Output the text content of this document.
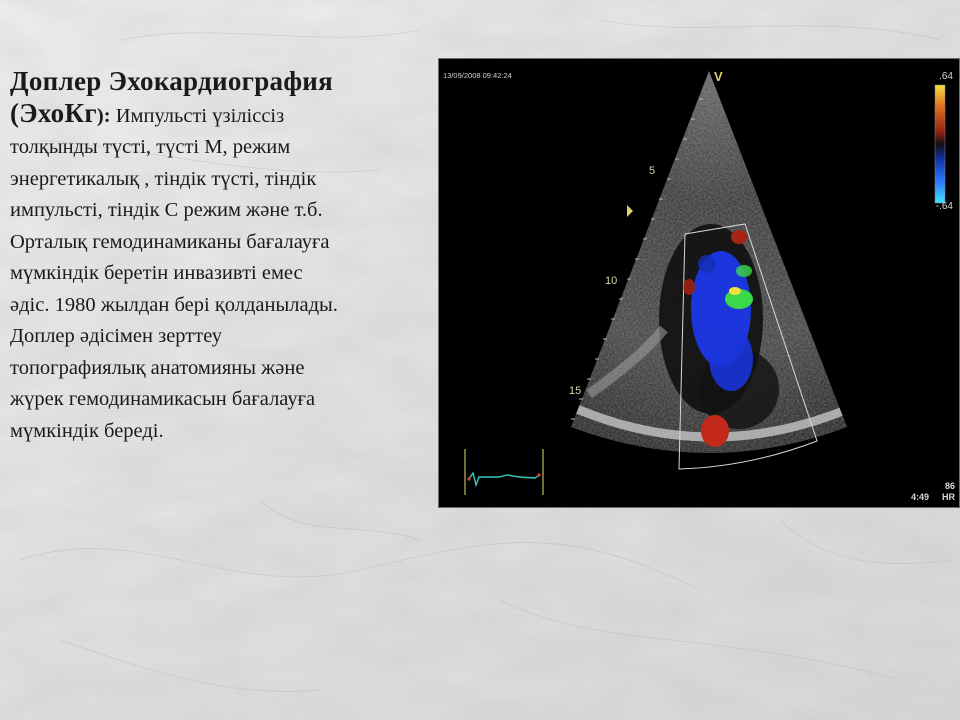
Доплер Эхокардиография
(ЭхоКг): Импульсті үзіліссіз
толқынды түсті, түсті М, режим
энергетикалық , тіндік түсті, тіндік
импульсті, тіндік С режим және т.б.
Орталық гемодинамиканы бағалауға
мүмкіндік беретін инвазивті емес
әдіс. 1980 жылдан бері қолданылады.
Доплер әдісімен зерттеу
топографиялық анатомияны және
жүрек гемодинамикасын бағалауға
мүмкіндік береді.
13/09/2008 09:42:24	V
5
10
15
.64
-.64
86
HR
4:49
